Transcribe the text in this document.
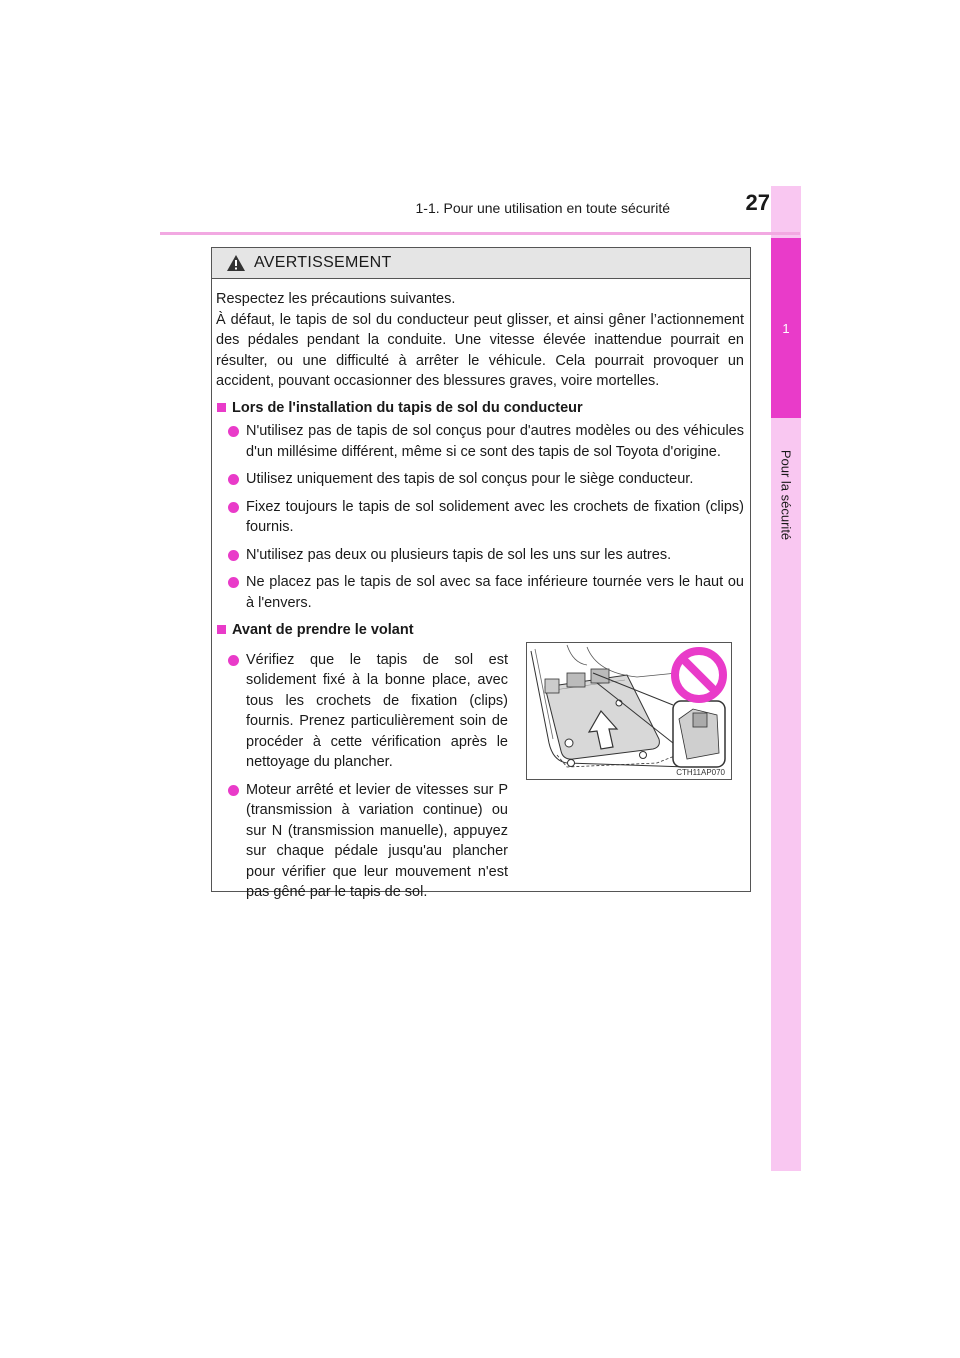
1
Pour la sécurité
1-1. Pour une utilisation en toute sécurité	27
AVERTISSEMENT

Respectez les précautions suivantes.

À défaut, le tapis de sol du conducteur peut glisser, et ainsi gêner l’actionnement des pédales pendant la conduite. Une vitesse élevée inattendue pourrait en résulter, ou une difficulté à arrêter le véhicule. Cela pourrait provoquer un accident, pouvant occasionner des blessures graves, voire mortelles.

Lors de l'installation du tapis de sol du conducteur
N'utilisez pas de tapis de sol conçus pour d'autres modèles ou des véhicules d'un millésime différent, même si ce sont des tapis de sol Toyota d'origine.
Utilisez uniquement des tapis de sol conçus pour le siège conducteur.
Fixez toujours le tapis de sol solidement avec les crochets de fixation (clips) fournis.
N'utilisez pas deux ou plusieurs tapis de sol les uns sur les autres.
Ne placez pas le tapis de sol avec sa face inférieure tournée vers le haut ou à l'envers.
Avant de prendre le volant
Vérifiez que le tapis de sol est solidement fixé à la bonne place, avec tous les crochets de fixation (clips) fournis. Prenez particulièrement soin de procéder à cette vérification après le nettoyage du plancher.
Moteur arrêté et levier de vitesses sur P (transmission à variation continue) ou sur N (transmission manuelle), appuyez sur chaque pédale jusqu'au plancher pour vérifier que leur mouvement n'est pas gêné par le tapis de sol.
CTH11AP070
